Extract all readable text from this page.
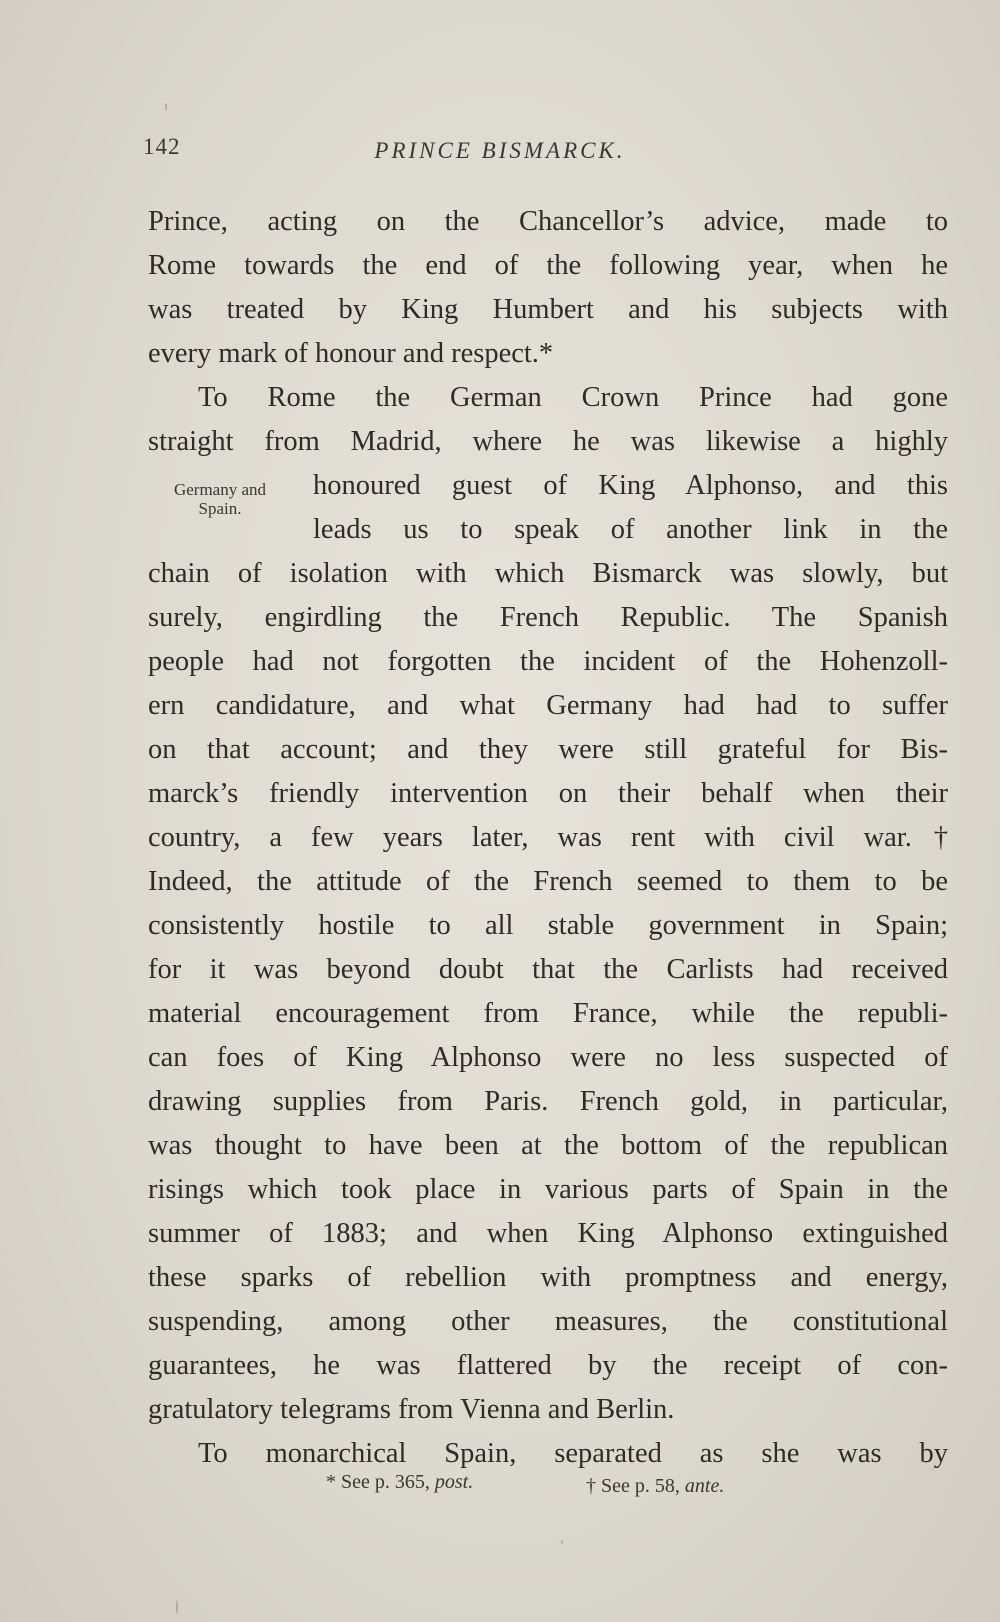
142	PRINCE BISMARCK.
Germany and
Spain.
Prince, acting on the Chancellor’s advice, made to
Rome towards the end of the following year, when he
was treated by King Humbert and his subjects with
every mark of honour and respect.*
To Rome the German Crown Prince had gone
straight from Madrid, where he was likewise a highly
honoured guest of King Alphonso, and this
leads us to speak of another link in the
chain of isolation with which Bismarck was slowly, but
surely, engirdling the French Republic. The Spanish
people had not forgotten the incident of the Hohenzoll-
ern candidature, and what Germany had had to suffer
on that account; and they were still grateful for Bis-
marck’s friendly intervention on their behalf when their
country, a few years later, was rent with civil war.†
Indeed, the attitude of the French seemed to them to be
consistently hostile to all stable government in Spain;
for it was beyond doubt that the Carlists had received
material encouragement from France, while the republi-
can foes of King Alphonso were no less suspected of
drawing supplies from Paris. French gold, in particular,
was thought to have been at the bottom of the republican
risings which took place in various parts of Spain in the
summer of 1883; and when King Alphonso extinguished
these sparks of rebellion with promptness and energy,
suspending, among other measures, the constitutional
guarantees, he was flattered by the receipt of con-
gratulatory telegrams from Vienna and Berlin.
To monarchical Spain, separated as she was by
* See p. 365, post.	† See p. 58, ante.
